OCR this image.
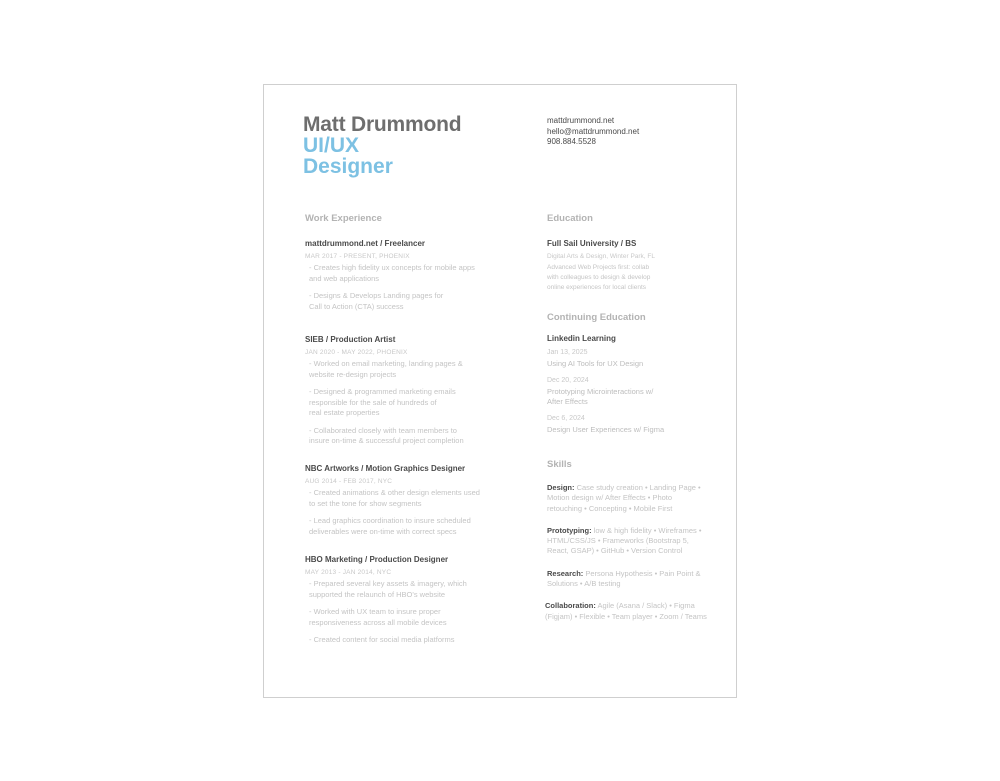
Matt Drummond
UI/UX
Designer
mattdrummond.net
hello@mattdrummond.net
908.884.5528
Work Experience
mattdrummond.net / Freelancer
MAR 2017 - PRESENT, PHOENIX
- Creates high fidelity ux concepts for mobile apps
and web applications
- Designs & Develops Landing pages for
Call to Action (CTA) success
SIEB / Production Artist
JAN 2020 - MAY 2022, PHOENIX
- Worked on email marketing, landing pages &
website re-design projects
- Designed & programmed marketing emails
responsible for the sale of hundreds of
real estate properties
- Collaborated closely with team members to
insure on-time & successful project completion
NBC Artworks / Motion Graphics Designer
AUG 2014 - FEB 2017, NYC
- Created animations & other design elements used
to set the tone for show segments
- Lead graphics coordination to insure scheduled
deliverables were on-time with correct specs
HBO Marketing / Production Designer
MAY 2013 - JAN 2014, NYC
- Prepared several key assets & imagery, which
supported the relaunch of HBO's website
- Worked with UX team to insure proper
responsiveness across all mobile devices
- Created content for social media platforms
Education
Full Sail University / BS
Digital Arts & Design, Winter Park, FL
Advanced Web Projects first: collab
with colleagues to design & develop
online experiences for local clients
Continuing Education
Linkedin Learning
Jan 13, 2025
Using AI Tools for UX Design
Dec 20, 2024
Prototyping Microinteractions w/
After Effects
Dec 6, 2024
Design User Experiences w/ Figma
Skills
Design: Case study creation • Landing Page • Motion design w/ After Effects • Photo retouching • Concepting • Mobile First
Prototyping: low & high fidelity • Wireframes • HTML/CSS/JS • Frameworks (Bootstrap 5, React, GSAP) • GitHub • Version Control
Research: Persona Hypothesis • Pain Point & Solutions • A/B testing
Collaboration: Agile (Asana / Slack) • Figma (Figjam) • Flexible • Team player • Zoom / Teams
